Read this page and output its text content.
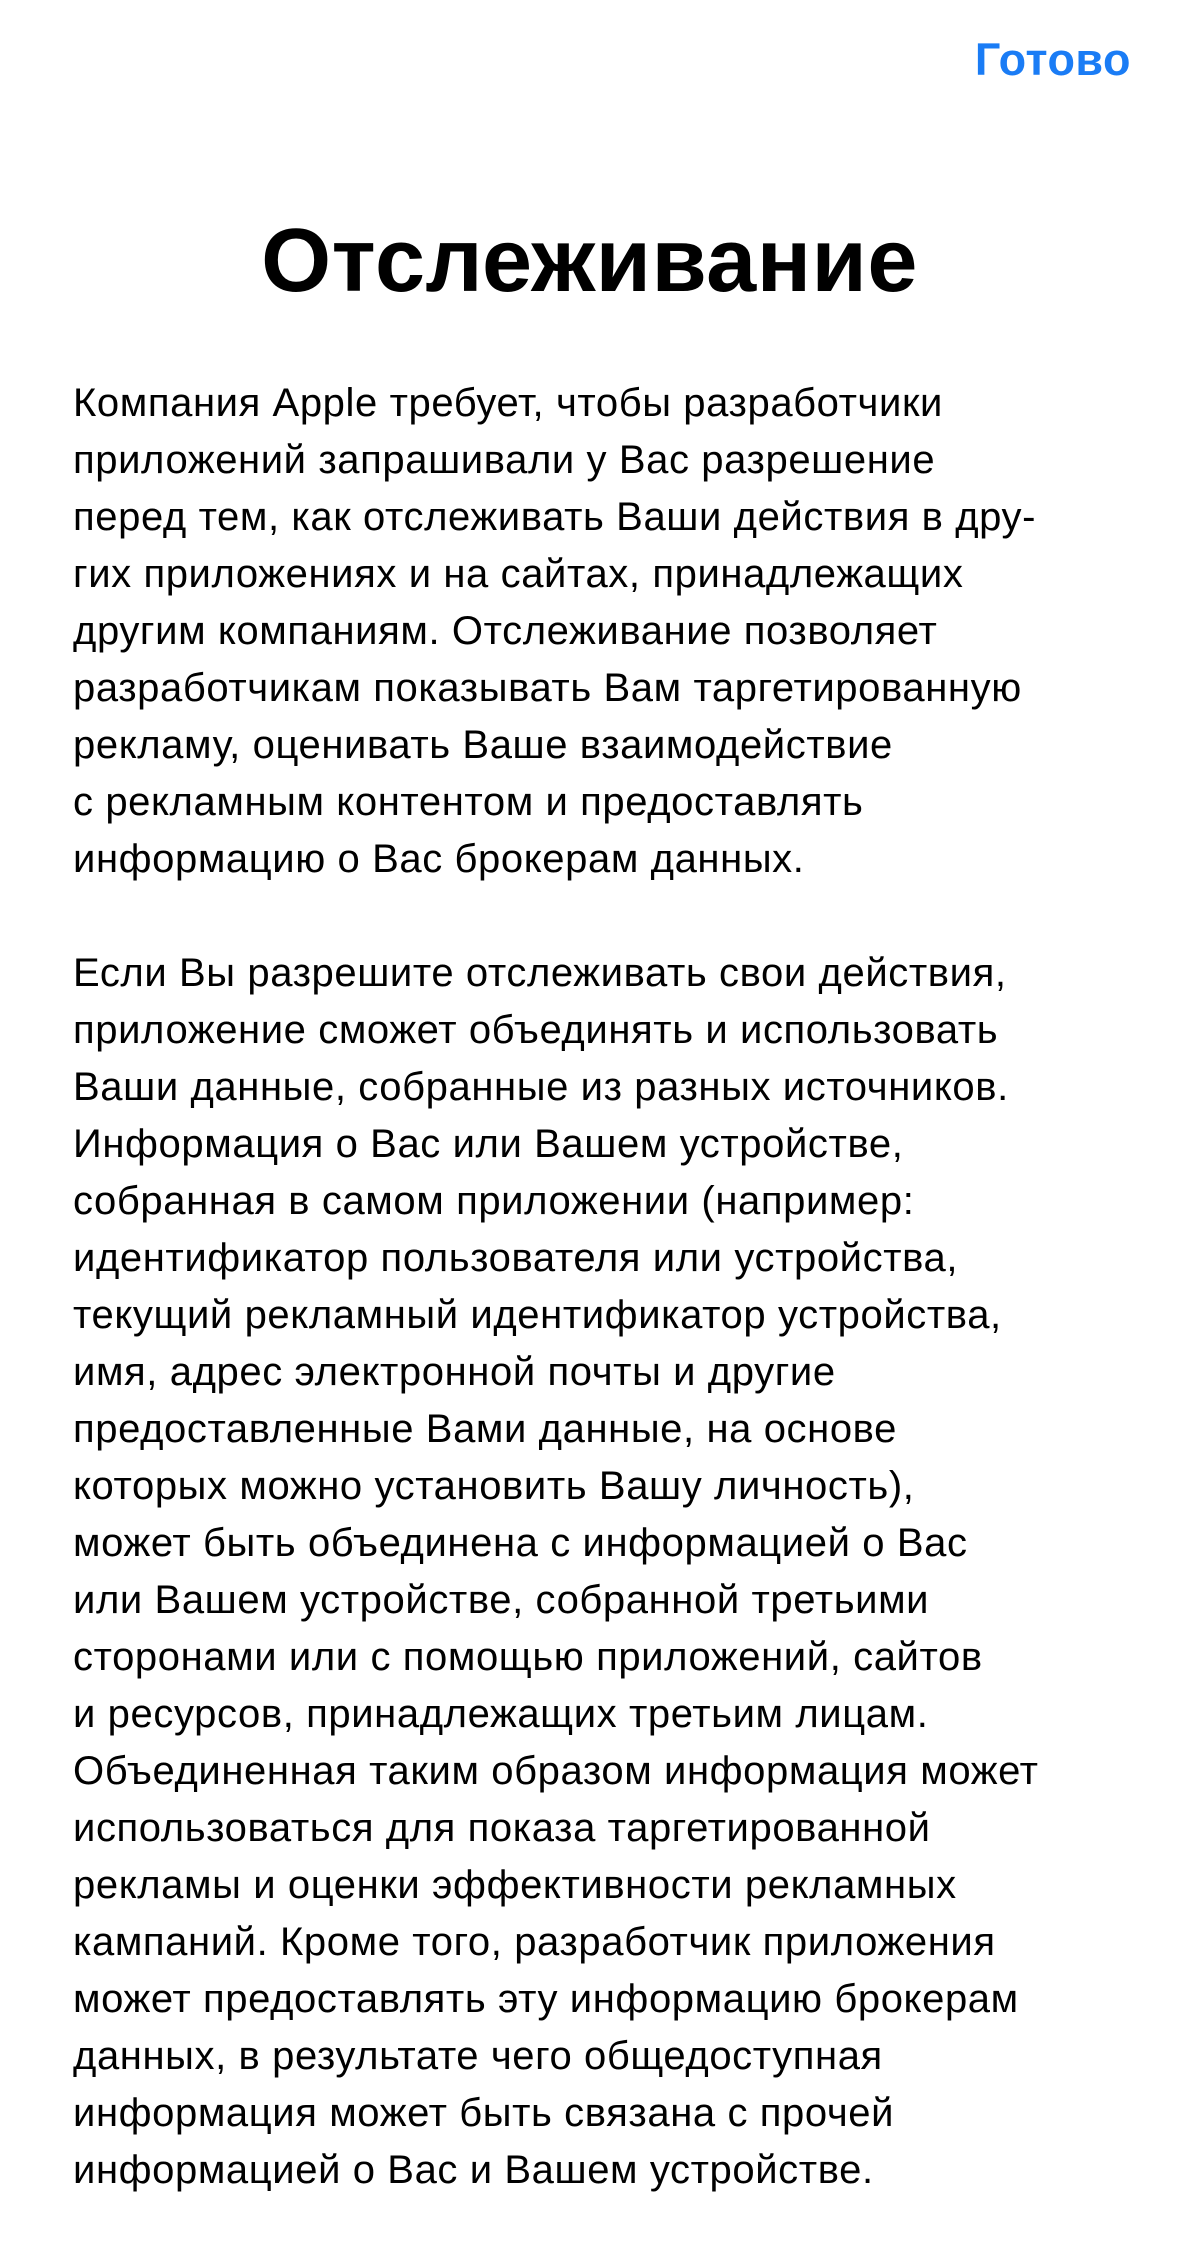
Готово
Отслеживание

Компания Apple требует, чтобы разработчики
приложений запрашивали у Вас разрешение
перед тем, как отслеживать Ваши действия в дру-
гих приложениях и на сайтах, принадлежащих
другим компаниям. Отслеживание позволяет
разработчикам показывать Вам таргетированную
рекламу, оценивать Ваше взаимодействие
с рекламным контентом и предоставлять
информацию о Вас брокерам данных.

Если Вы разрешите отслеживать свои действия,
приложение сможет объединять и использовать
Ваши данные, собранные из разных источников.
Информация о Вас или Вашем устройстве,
собранная в самом приложении (например:
идентификатор пользователя или устройства,
текущий рекламный идентификатор устройства,
имя, адрес электронной почты и другие
предоставленные Вами данные, на основе
которых можно установить Вашу личность),
может быть объединена с информацией о Вас
или Вашем устройстве, собранной третьими
сторонами или с помощью приложений, сайтов
и ресурсов, принадлежащих третьим лицам.
Объединенная таким образом информация может
использоваться для показа таргетированной
рекламы и оценки эффективности рекламных
кампаний. Кроме того, разработчик приложения
может предоставлять эту информацию брокерам
данных, в результате чего общедоступная
информация может быть связана с прочей
информацией о Вас и Вашем устройстве.
